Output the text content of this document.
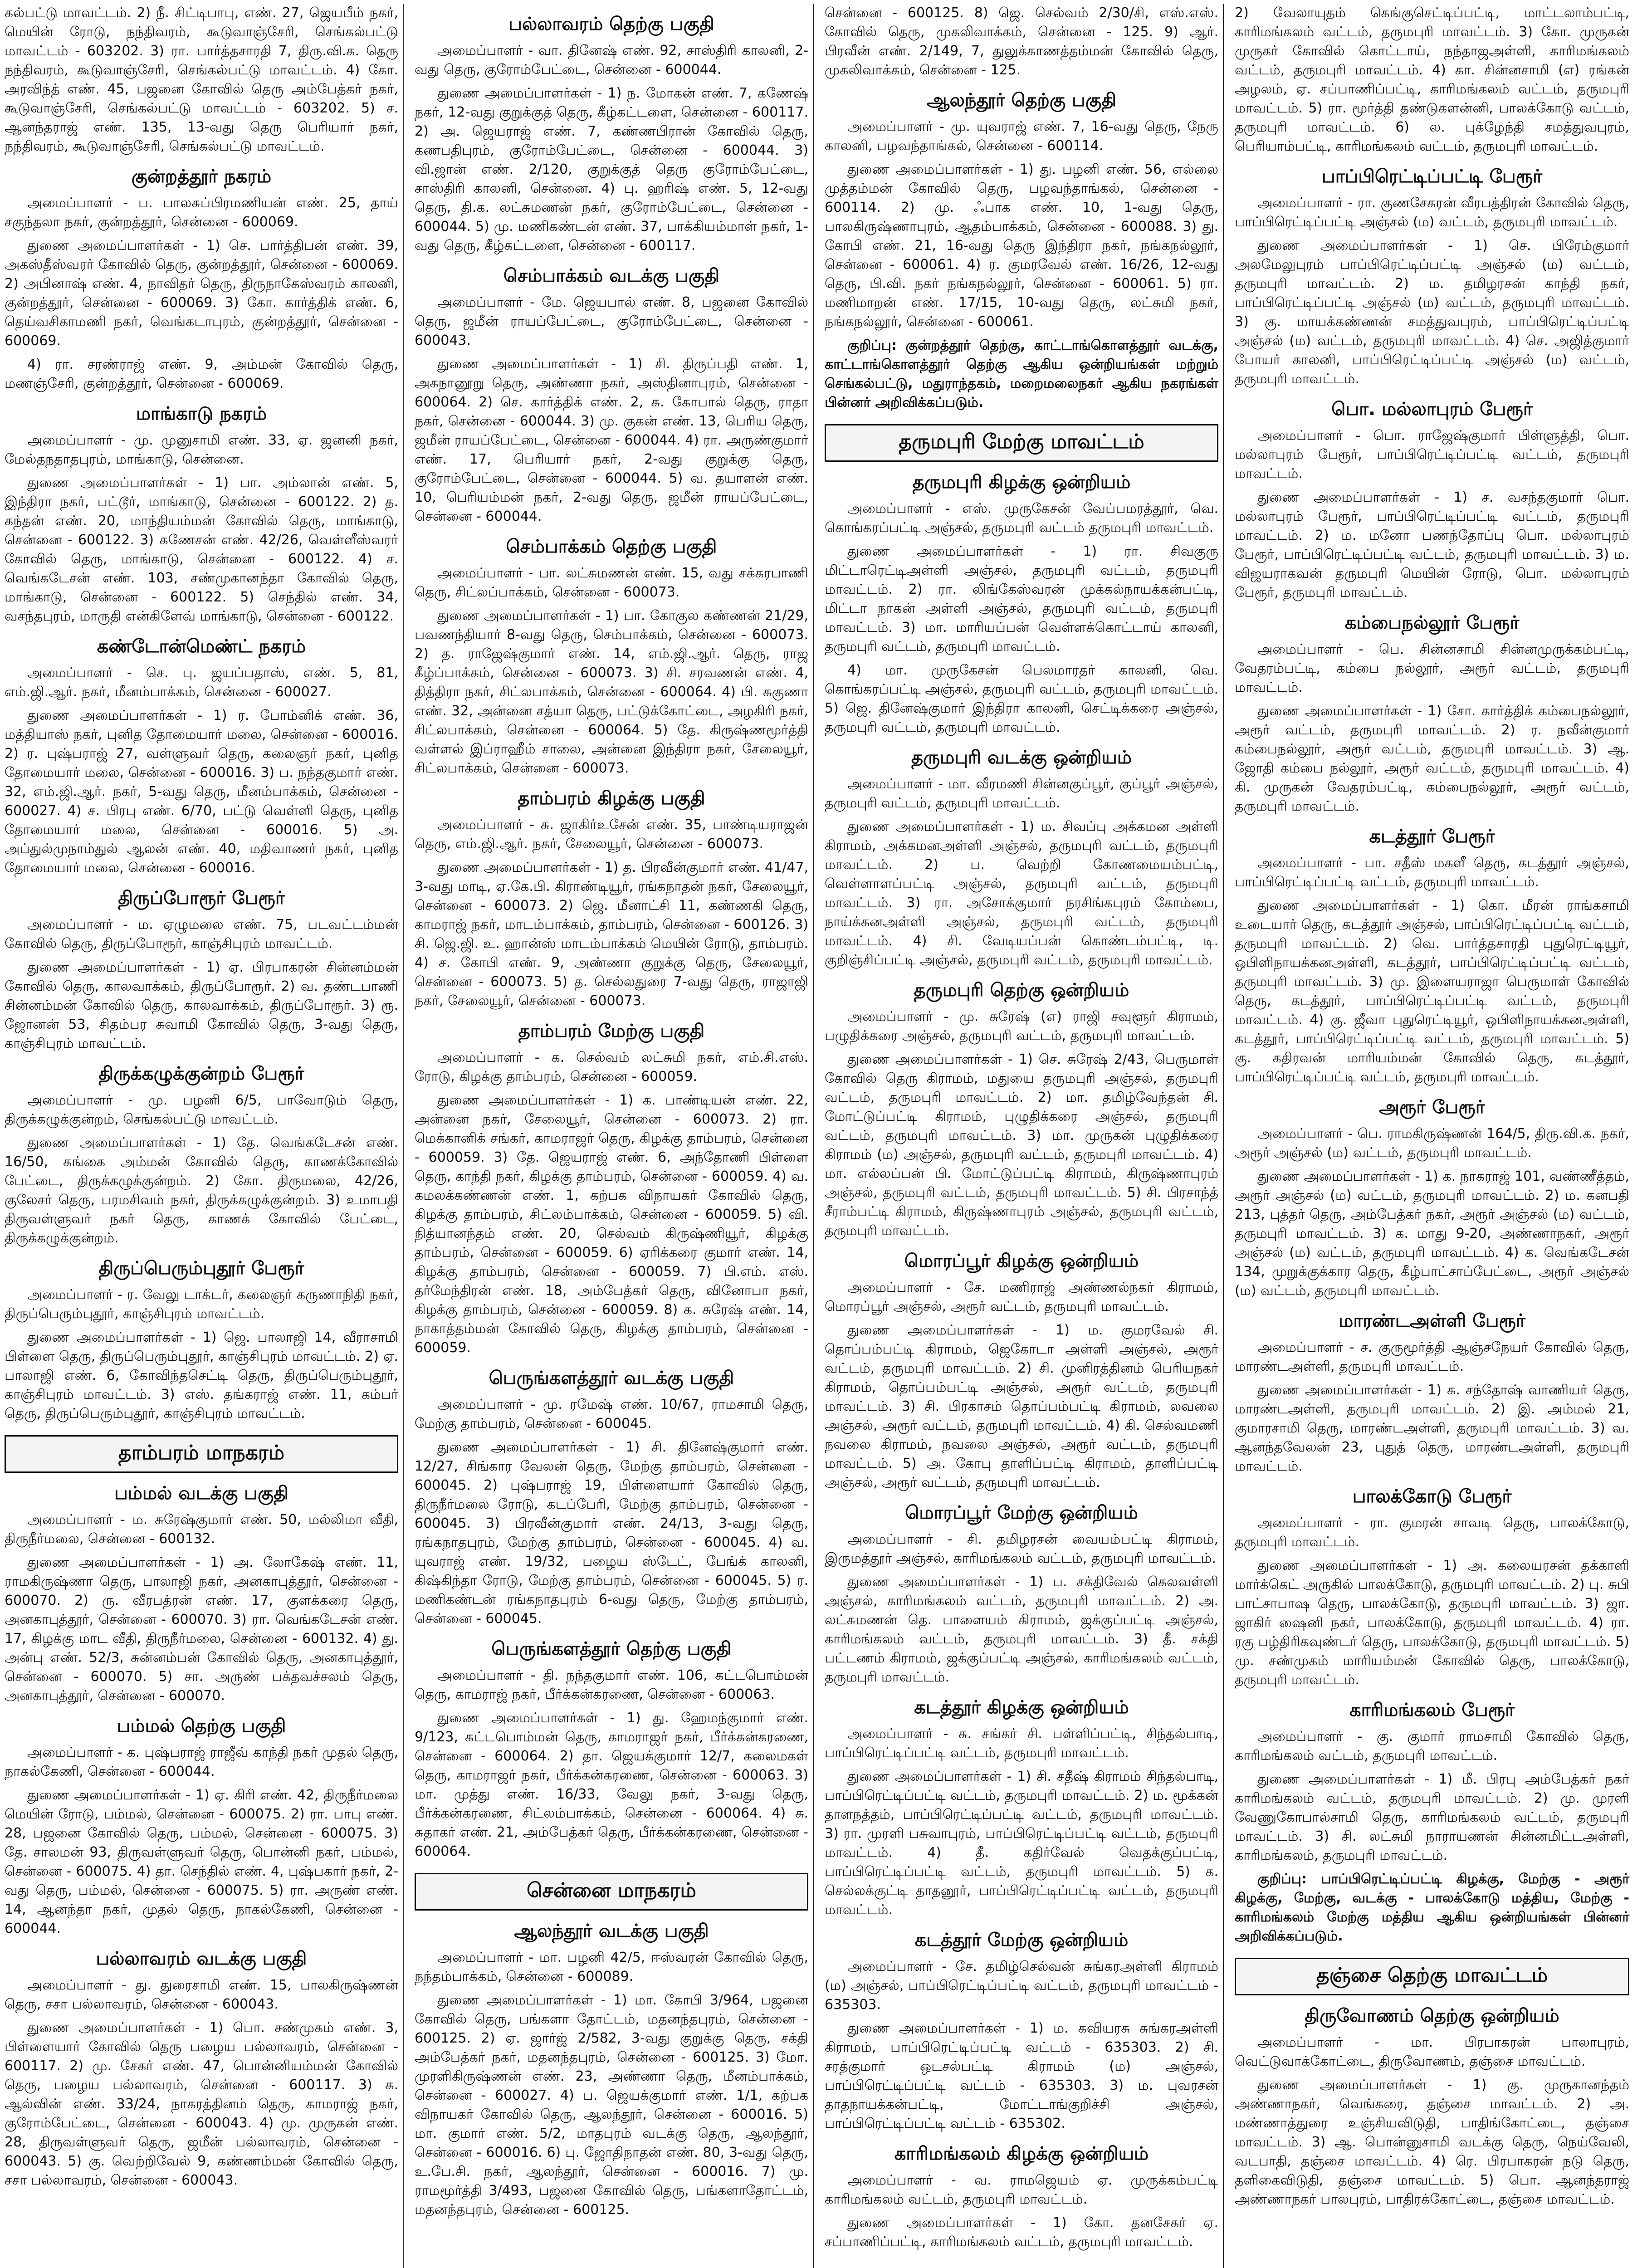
கல்பட்டு மாவட்டம். 2) நீ. சிட்டிபாபு, எண். 27, ஜெயபீம் நகர், மெயின் ரோடு, நந்திவரம், கூடுவாஞ்சேரி, செங்கல்பட்டு மாவட்டம் - 603202. 3) ரா. பார்த்தசாரதி 7, திரு.வி.க. தெரு நந்திவரம், கூடுவாஞ்சேரி, செங்கல்பட்டு மாவட்டம். 4) கோ. அரவிந்த் எண். 45, பஜனை கோவில் தெரு அம்பேத்கர் நகர், கூடுவாஞ்சேரி, செங்கல்பட்டு மாவட்டம் - 603202. 5) ச. ஆனந்தராஜ் எண். 135, 13-வது தெரு பெரியார் நகர், நந்திவரம், கூடுவாஞ்சேரி, செங்கல்பட்டு மாவட்டம்.

குன்றத்தூர் நகரம்

அமைப்பாளர் - ப. பாலசுப்பிரமணியன் எண். 25, தாய் சகுந்தலா நகர், குன்றத்தூர், சென்னை - 600069.

துணை அமைப்பாளர்கள் - 1) செ. பார்த்திபன் எண். 39, அகஸ்தீஸ்வரர் கோவில் தெரு, குன்றத்தூர், சென்னை - 600069. 2) அபினாஷ் எண். 4, நாவிதர் தெரு, திருநாகேஸ்வரம் காலனி, குன்றத்தூர், சென்னை - 600069. 3) கோ. கார்த்திக் எண். 6, தெய்வசிகாமணி நகர், வெங்கடாபுரம், குன்றத்தூர், சென்னை - 600069.

4) ரா. சரண்ராஜ் எண். 9, அம்மன் கோவில் தெரு, மணஞ்சேரி, குன்றத்தூர், சென்னை - 600069.

மாங்காடு நகரம்

அமைப்பாளர் - மு. முனுசாமி எண். 33, ஏ. ஜனனி நகர், மேல்தநதாதபுரம், மாங்காடு, சென்னை.

துணை அமைப்பாளர்கள் - 1) பா. அம்லான் எண். 5, இந்திரா நகர், பட்டூர், மாங்காடு, சென்னை - 600122. 2) த. கந்தன் எண். 20, மாந்தியம்மன் கோவில் தெரு, மாங்காடு, சென்னை - 600122. 3) கணேசன் எண். 42/26, வெள்ளீஸ்வரர் கோவில் தெரு, மாங்காடு, சென்னை - 600122. 4) ச. வெங்கடேசன் எண். 103, சண்முகானந்தா கோவில் தெரு, மாங்காடு, சென்னை - 600122. 5) செந்தில் எண். 34, வசந்தபுரம், மாருதி என்கிளேவ் மாங்காடு, சென்னை - 600122.

கண்டோன்மெண்ட் நகரம்

அமைப்பாளர் - செ. பு. ஜயப்பதாஸ், எண். 5, 81, எம்.ஜி.ஆர். நகர், மீனம்பாக்கம், சென்னை - 600027.

துணை அமைப்பாளர்கள் - 1) ர. போம்னிக் எண். 36, மத்தியாஸ் நகர், புனித தோமையார் மலை, சென்னை - 600016. 2) ர. புஷ்பராஜ் 27, வள்ளுவர் தெரு, கலைஞர் நகர், புனித தோமையார் மலை, சென்னை - 600016. 3) ப. நந்தகுமார் எண். 32, எம்.ஜி.ஆர். நகர், 5-வது தெரு, மீனம்பாக்கம், சென்னை - 600027. 4) ச. பிரபு எண். 6/70, பட்டு வெள்ளி தெரு, புனித தோமையார் மலை, சென்னை - 600016. 5) அ. அப்துல்முநாம்துல் ஆலன் எண். 40, மதிவாணர் நகர், புனித தோமையார் மலை, சென்னை - 600016.

திருப்போரூர் பேரூர்

அமைப்பாளர் - ம. ஏழுமலை எண். 75, படவட்டம்மன் கோவில் தெரு, திருப்போரூர், காஞ்சிபுரம் மாவட்டம்.

துணை அமைப்பாளர்கள் - 1) ஏ. பிரபாகரன் சின்னம்மன் கோவில் தெரு, காலவாக்கம், திருப்போரூர். 2) வ. தண்டபாணி சின்னம்மன் கோவில் தெரு, காலவாக்கம், திருப்போரூர். 3) ரூ. ஜோனன் 53, சிதம்பர சுவாமி கோவில் தெரு, 3-வது தெரு, காஞ்சிபுரம் மாவட்டம்.

திருக்கழுக்குன்றம் பேரூர்

அமைப்பாளர் - மு. பழனி 6/5, பாவோடும் தெரு, திருக்கழுக்குன்றம், செங்கல்பட்டு மாவட்டம்.

துணை அமைப்பாளர்கள் - 1) தே. வெங்கடேசன் எண். 16/50, கங்கை அம்மன் கோவில் தெரு, காணக்கோவில் பேட்டை, திருக்கழுக்குன்றம். 2) கோ. திருமலை, 42/26, குலேசர் தெரு, பரமசிவம் நகர், திருக்கழுக்குன்றம். 3) உமாபதி திருவள்ளுவர் நகர் தெரு, காணக் கோவில் பேட்டை, திருக்கழுக்குன்றம்.

திருப்பெரும்புதூர் பேரூர்

அமைப்பாளர் - ர. வேலு டாக்டர், கலைஞர் கருணாநிதி நகர், திருப்பெரும்புதூர், காஞ்சிபுரம் மாவட்டம்.

துணை அமைப்பாளர்கள் - 1) ஜெ. பாலாஜி 14, வீராசாமி பிள்ளை தெரு, திருப்பெரும்புதூர், காஞ்சிபுரம் மாவட்டம். 2) ஏ. பாலாஜி எண். 6, கோவிந்தசெட்டி தெரு, திருப்பெரும்புதூர், காஞ்சிபுரம் மாவட்டம். 3) எஸ். தங்கராஜ் எண். 11, கம்பர் தெரு, திருப்பெரும்புதூர், காஞ்சிபுரம் மாவட்டம்.

தாம்பரம் மாநகரம்
பம்மல் வடக்கு பகுதி

அமைப்பாளர் - ம. சுரேஷ்குமார் எண். 50, மல்லிமா வீதி, திருநீர்மலை, சென்னை - 600132.

துணை அமைப்பாளர்கள் - 1) அ. லோகேஷ் எண். 11, ராமகிருஷ்ணா தெரு, பாலாஜி நகர், அனகாபுத்தூர், சென்னை - 600070. 2) ரு. வீரபத்ரன் எண். 17, குளக்கரை தெரு, அனகாபுத்தூர், சென்னை - 600070. 3) ரா. வெங்கடேசன் எண். 17, கிழக்கு மாட வீதி, திருநீர்மலை, சென்னை - 600132. 4) து. அன்பு எண். 52/3, சுன்னம்பன் கோவில் தெரு, அனகாபுத்தூர், சென்னை - 600070. 5) சா. அருண் பக்தவச்சலம் தெரு, அனகாபுத்தூர், சென்னை - 600070.

பம்மல் தெற்கு பகுதி

அமைப்பாளர் - க. புஷ்பராஜ் ராஜீவ் காந்தி நகர் முதல் தெரு, நாகல்கேணி, சென்னை - 600044.

துணை அமைப்பாளர்கள் - 1) ஏ. கிரி எண். 42, திருநீர்மலை மெயின் ரோடு, பம்மல், சென்னை - 600075. 2) ரா. பாபு எண். 28, பஜனை கோவில் தெரு, பம்மல், சென்னை - 600075. 3) தே. சாலமன் 93, திருவள்ளுவர் தெரு, பொன்னி நகர், பம்மல், சென்னை - 600075. 4) தா. செந்தில் எண். 4, புஷ்பகார் நகர், 2-வது தெரு, பம்மல், சென்னை - 600075. 5) ரா. அருண் எண். 14, ஆனந்தா நகர், முதல் தெரு, நாகல்கேணி, சென்னை - 600044.

பல்லாவரம் வடக்கு பகுதி

அமைப்பாளர் - து. துரைசாமி எண். 15, பாலகிருஷ்ணன் தெரு, சசா பல்லாவரம், சென்னை - 600043.

துணை அமைப்பாளர்கள் - 1) பொ. சண்முகம் எண். 3, பிள்ளையார் கோவில் தெரு பழைய பல்லாவரம், சென்னை - 600117. 2) மு. சேகர் எண். 47, பொன்னியம்மன் கோவில் தெரு, பழைய பல்லாவரம், சென்னை - 600117. 3) க. ஆல்வின் எண். 33/24, நாகரத்தினம் தெரு, காமராஜ் நகர், குரோம்பேட்டை, சென்னை - 600043. 4) மு. முருகன் எண். 28, திருவள்ளுவர் தெரு, ஜமீன் பல்லாவரம், சென்னை - 600043. 5) கு. வெற்றிவேல் 9, கண்ணம்மன் கோவில் தெரு, சசா பல்லாவரம், சென்னை - 600043.

பல்லாவரம் தெற்கு பகுதி

அமைப்பாளர் - வா. தினேஷ் எண். 92, சாஸ்திரி காலனி, 2-வது தெரு, குரோம்பேட்டை, சென்னை - 600044.

துணை அமைப்பாளர்கள் - 1) ந. மோகன் எண். 7, கணேஷ் நகர், 12-வது குறுக்குத் தெரு, கீழ்கட்டளை, சென்னை - 600117. 2) அ. ஜெயராஜ் எண். 7, கண்ணபிரான் கோவில் தெரு, கணபதிபுரம், குரோம்பேட்டை, சென்னை - 600044. 3) வி.ஜான் எண். 2/120, குறுக்குத் தெரு குரோம்பேட்டை, சாஸ்திரி காலனி, சென்னை. 4) பு. ஹரிஷ் எண். 5, 12-வது தெரு, தி.க. லட்சுமணன் நகர், குரோம்பேட்டை, சென்னை - 600044. 5) மு. மணிகண்டன் எண். 37, பாக்கியம்மாள் நகர், 1-வது தெரு, கீழ்கட்டளை, சென்னை - 600117.

செம்பாக்கம் வடக்கு பகுதி

அமைப்பாளர் - மே. ஜெயபால் எண். 8, பஜனை கோவில் தெரு, ஜமீன் ராயப்பேட்டை, குரோம்பேட்டை, சென்னை - 600043.

துணை அமைப்பாளர்கள் - 1) சி. திருப்பதி எண். 1, அகநானூறு தெரு, அண்ணா நகர், அஸ்தினாபுரம், சென்னை - 600064. 2) செ. கார்த்திக் எண். 2, சு. கோபால் தெரு, ராதா நகர், சென்னை - 600044. 3) மு. குகன் எண். 13, பெரிய தெரு, ஜமீன் ராயப்பேட்டை, சென்னை - 600044. 4) ரா. அருண்குமார் எண். 17, பெரியார் நகர், 2-வது குறுக்கு தெரு, குரோம்பேட்டை, சென்னை - 600044. 5) வ. தயாளன் எண். 10, பெரியம்மன் நகர், 2-வது தெரு, ஜமீன் ராயப்பேட்டை, சென்னை - 600044.

செம்பாக்கம் தெற்கு பகுதி

அமைப்பாளர் - பா. லட்சுமணன் எண். 15, வது சக்கரபாணி தெரு, சிட்லப்பாக்கம், சென்னை - 600073.

துணை அமைப்பாளர்கள் - 1) பா. கோகுல கண்ணன் 21/29, பவணந்தியார் 8-வது தெரு, செம்பாக்கம், சென்னை - 600073. 2) த. ராஜேஷ்குமார் எண். 14, எம்.ஜி.ஆர். தெரு, ராஜ கீழ்ப்பாக்கம், சென்னை - 600073. 3) சி. சரவணன் எண். 4, தித்திரா நகர், சிட்லபாக்கம், சென்னை - 600064. 4) பி. சுகுணா எண். 32, அன்னை சத்யா தெரு, பட்டுக்கோட்டை, அழகிரி நகர், சிட்லபாக்கம், சென்னை - 600064. 5) தே. கிருஷ்ணமூர்த்தி வள்ளல் இப்ராஹீம் சாலை, அன்னை இந்திரா நகர், சேலையூர், சிட்லபாக்கம், சென்னை - 600073.

தாம்பரம் கிழக்கு பகுதி

அமைப்பாளர் - சு. ஜாகிர்உசேன் எண். 35, பாண்டியராஜன் தெரு, எம்.ஜி.ஆர். நகர், சேலையூர், சென்னை - 600073.

துணை அமைப்பாளர்கள் - 1) த. பிரவீன்குமார் எண். 41/47, 3-வது மாடி, ஏ.கே.பி. கிராண்டியூர், ரங்கநாதன் நகர், சேலையூர், சென்னை - 600073. 2) ஜெ. மீனாட்சி 11, கண்ணகி தெரு, காமராஜ் நகர், மாடம்பாக்கம், தாம்பரம், சென்னை - 600126. 3) சி. ஜெ.ஜி. உ. ஹான்ஸ் மாடம்பாக்கம் மெயின் ரோடு, தாம்பரம். 4) ச. கோபி எண். 9, அண்ணா குறுக்கு தெரு, சேலையூர், சென்னை - 600073. 5) த. செல்லதுரை 7-வது தெரு, ராஜாஜி நகர், சேலையூர், சென்னை - 600073.

தாம்பரம் மேற்கு பகுதி

அமைப்பாளர் - க. செல்வம் லட்சுமி நகர், எம்.சி.எஸ். ரோடு, கிழக்கு தாம்பரம், சென்னை - 600059.

துணை அமைப்பாளர்கள் - 1) க. பாண்டியன் எண். 22, அன்னை நகர், சேலையூர், சென்னை - 600073. 2) ரா. மெக்கானிக் சங்கர், காமராஜர் தெரு, கிழக்கு தாம்பரம், சென்னை - 600059. 3) தே. ஜெயராஜ் எண். 6, அந்தோணி பிள்ளை தெரு, காந்தி நகர், கிழக்கு தாம்பரம், சென்னை - 600059. 4) வ. கமலக்கண்ணன் எண். 1, கற்பக விநாயகர் கோவில் தெரு, கிழக்கு தாம்பரம், சிட்லம்பாக்கம், சென்னை - 600059. 5) வி. நித்யானந்தம் எண். 20, செல்வம் கிருஷ்ணியூர், கிழக்கு தாம்பரம், சென்னை - 600059. 6) ஏரிக்கரை குமார் எண். 14, கிழக்கு தாம்பரம், சென்னை - 600059. 7) பி.எம். எஸ். தர்மேந்திரன் எண். 18, அம்பேத்கர் தெரு, வினோபா நகர், கிழக்கு தாம்பரம், சென்னை - 600059. 8) க. சுரேஷ் எண். 14, நாகாத்தம்மன் கோவில் தெரு, கிழக்கு தாம்பரம், சென்னை - 600059.

பெருங்களத்தூர் வடக்கு பகுதி

அமைப்பாளர் - மு. ரமேஷ் எண். 10/67, ராமசாமி தெரு, மேற்கு தாம்பரம், சென்னை - 600045.

துணை அமைப்பாளர்கள் - 1) சி. தினேஷ்குமார் எண். 12/27, சிங்கார வேலன் தெரு, மேற்கு தாம்பரம், சென்னை - 600045. 2) புஷ்பராஜ் 19, பிள்ளையார் கோவில் தெரு, திருநீர்மலை ரோடு, கடப்பேரி, மேற்கு தாம்பரம், சென்னை - 600045. 3) பிரவீன்குமார் எண். 24/13, 3-வது தெரு, ரங்கநாதபுரம், மேற்கு தாம்பரம், சென்னை - 600045. 4) வ. யுவராஜ் எண். 19/32, பழைய ஸ்டேட், பேங்க் காலனி, கிஷ்கிந்தா ரோடு, மேற்கு தாம்பரம், சென்னை - 600045. 5) ர. மணிகண்டன் ரங்கநாதபுரம் 6-வது தெரு, மேற்கு தாம்பரம், சென்னை - 600045.

பெருங்களத்தூர் தெற்கு பகுதி

அமைப்பாளர் - தி. நந்தகுமார் எண். 106, கட்டபொம்மன் தெரு, காமராஜ் நகர், பீர்க்கன்கரணை, சென்னை - 600063.

துணை அமைப்பாளர்கள் - 1) து. ஹேமந்குமார் எண். 9/123, கட்டபொம்மன் தெரு, காமராஜர் நகர், பீர்க்கன்கரணை, சென்னை - 600064. 2) தா. ஜெயக்குமார் 12/7, கலைமகள் தெரு, காமராஜர் நகர், பீர்க்கன்கரணை, சென்னை - 600063. 3) மா. முத்து எண். 16/33, வேலு நகர், 3-வது தெரு, பீர்க்கன்கரணை, சிட்லம்பாக்கம், சென்னை - 600064. 4) சு. சுதாகர் எண். 21, அம்பேத்கர் தெரு, பீர்க்கன்கரணை, சென்னை - 600064.

சென்னை மாநகரம்
ஆலந்தூர் வடக்கு பகுதி

அமைப்பாளர் - மா. பழனி 42/5, ஈஸ்வரன் கோவில் தெரு, நந்தம்பாக்கம், சென்னை - 600089.

துணை அமைப்பாளர்கள் - 1) மா. கோபி 3/964, பஜனை கோவில் தெரு, பங்களா தோட்டம், மதனந்தபுரம், சென்னை - 600125. 2) ஏ. ஜார்ஜ் 2/582, 3-வது குறுக்கு தெரு, சக்தி அம்பேத்கர் நகர், மதனந்தபுரம், சென்னை - 600125. 3) மோ. முரளிகிருஷ்ணன் எண். 23, அண்ணா தெரு, மீனம்பாக்கம், சென்னை - 600027. 4) ப. ஜெயக்குமார் எண். 1/1, கற்பக விநாயகர் கோவில் தெரு, ஆலந்தூர், சென்னை - 600016. 5) மா. குமார் எண். 5/2, மாதபுரம் வடக்கு தெரு, ஆலந்தூர், சென்னை - 600016. 6) பு. ஜோதிநாதன் எண். 80, 3-வது தெரு, உ.பே.சி. நகர், ஆலந்தூர், சென்னை - 600016. 7) மு. ராமமூர்த்தி 3/493, பஜனை கோவில் தெரு, பங்களாதோட்டம், மதனந்தபுரம், சென்னை - 600125.

சென்னை - 600125. 8) ஜெ. செல்வம் 2/30/சி, எஸ்.எஸ். கோவில் தெரு, முகலிவாக்கம், சென்னை - 125. 9) ஆர். பிரவீன் எண். 2/149, 7, துலுக்காணத்தம்மன் கோவில் தெரு, முகலிவாக்கம், சென்னை - 125.

ஆலந்தூர் தெற்கு பகுதி

அமைப்பாளர் - மு. யுவராஜ் எண். 7, 16-வது தெரு, நேரு காலனி, பழவந்தாங்கல், சென்னை - 600114.

துணை அமைப்பாளர்கள் - 1) து. பழனி எண். 56, எல்லை முத்தம்மன் கோவில் தெரு, பழவந்தாங்கல், சென்னை - 600114. 2) மு. ஃபாக எண். 10, 1-வது தெரு, பாலகிருஷ்ணாபுரம், ஆதம்பாக்கம், சென்னை - 600088. 3) து. கோபி எண். 21, 16-வது தெரு இந்திரா நகர், நங்கநல்லூர், சென்னை - 600061. 4) ர. குமரவேல் எண். 16/26, 12-வது தெரு, பி.வி. நகர் நங்கநல்லூர், சென்னை - 600061. 5) ரா. மணிமாறன் எண். 17/15, 10-வது தெரு, லட்சுமி நகர், நங்கநல்லூர், சென்னை - 600061.

குறிப்பு: குன்றத்தூர் தெற்கு, காட்டாங்கொளத்தூர் வடக்கு, காட்டாங்கொளத்தூர் தெற்கு ஆகிய ஒன்றியங்கள் மற்றும் செங்கல்பட்டு, மதுராந்தகம், மறைமலைநகர் ஆகிய நகரங்கள் பின்னர் அறிவிக்கப்படும்.

தருமபுரி மேற்கு மாவட்டம்
தருமபுரி கிழக்கு ஒன்றியம்

அமைப்பாளர் - எஸ். முருகேசன் வேப்பமரத்தூர், வெ. கொங்கரப்பட்டி அஞ்சல், தருமபுரி வட்டம் தருமபுரி மாவட்டம்.

துணை அமைப்பாளர்கள் - 1) ரா. சிவகுரு மிட்டாரெட்டிஅள்ளி அஞ்சல், தருமபுரி வட்டம், தருமபுரி மாவட்டம். 2) ரா. லிங்கேஸ்வரன் முக்கல்நாயக்கன்பட்டி, மிட்டா நாகன் அள்ளி அஞ்சல், தருமபுரி வட்டம், தருமபுரி மாவட்டம். 3) மா. மாரியப்பன் வெள்ளக்கொட்டாய் காலனி, தருமபுரி வட்டம், தருமபுரி மாவட்டம்.

4) மா. முருகேசன் பெலமாரதர் காலனி, வெ. கொங்கரப்பட்டி அஞ்சல், தருமபுரி வட்டம், தருமபுரி மாவட்டம். 5) ஜெ. தினேஷ்குமார் இந்திரா காலனி, செட்டிக்கரை அஞ்சல், தருமபுரி வட்டம், தருமபுரி மாவட்டம்.

தருமபுரி வடக்கு ஒன்றியம்

அமைப்பாளர் - மா. வீரமணி சின்னகுப்பூர், குப்பூர் அஞ்சல், தருமபுரி வட்டம், தருமபுரி மாவட்டம்.

துணை அமைப்பாளர்கள் - 1) ம. சிவப்பு அக்கமன அள்ளி கிராமம், அக்கமனஅள்ளி அஞ்சல், தருமபுரி வட்டம், தருமபுரி மாவட்டம். 2) ப. வெற்றி கோணமையம்பட்டி, வெள்ளாளப்பட்டி அஞ்சல், தருமபுரி வட்டம், தருமபுரி மாவட்டம். 3) ரா. அசோக்குமார் நரசிங்கபுரம் கோம்பை, நாய்க்கனஅள்ளி அஞ்சல், தருமபுரி வட்டம், தருமபுரி மாவட்டம். 4) சி. வேடியப்பன் கொண்டம்பட்டி, டி. குறிஞ்சிப்பட்டி அஞ்சல், தருமபுரி வட்டம், தருமபுரி மாவட்டம்.

தருமபுரி தெற்கு ஒன்றியம்

அமைப்பாளர் - மு. சுரேஷ் (எ) ராஜி சவுளூர் கிராமம், பழுதிக்கரை அஞ்சல், தருமபுரி வட்டம், தருமபுரி மாவட்டம்.

துணை அமைப்பாளர்கள் - 1) செ. சுரேஷ் 2/43, பெருமாள் கோவில் தெரு கிராமம், மதுயை தருமபுரி அஞ்சல், தருமபுரி வட்டம், தருமபுரி மாவட்டம். 2) மா. தமிழ்வேந்தன் சி. மோட்டுப்பட்டி கிராமம், புழுதிக்கரை அஞ்சல், தருமபுரி வட்டம், தருமபுரி மாவட்டம். 3) மா. முருகன் புழுதிக்கரை கிராமம் (ம) அஞ்சல், தருமபுரி வட்டம், தருமபுரி மாவட்டம். 4) மா. எல்லப்பன் பி. மோட்டுப்பட்டி கிராமம், கிருஷ்ணாபுரம் அஞ்சல், தருமபுரி வட்டம், தருமபுரி மாவட்டம். 5) சி. பிரசாந்த் சீராம்பட்டி கிராமம், கிருஷ்ணாபுரம் அஞ்சல், தருமபுரி வட்டம், தருமபுரி மாவட்டம்.

மொரப்பூர் கிழக்கு ஒன்றியம்

அமைப்பாளர் - சே. மணிராஜ் அண்ணல்நகர் கிராமம், மொரப்பூர் அஞ்சல், அரூர் வட்டம், தருமபுரி மாவட்டம்.

துணை அமைப்பாளர்கள் - 1) ம. குமரவேல் சி. தொப்பம்பட்டி கிராமம், ஜெகோடா அள்ளி அஞ்சல், அரூர் வட்டம், தருமபுரி மாவட்டம். 2) சி. முனிரத்தினம் பெரியநகர் கிராமம், தொப்பம்பட்டி அஞ்சல், அரூர் வட்டம், தருமபுரி மாவட்டம். 3) சி. பிரகாசம் தொப்பம்பட்டி கிராமம், லவலை அஞ்சல், அரூர் வட்டம், தருமபுரி மாவட்டம். 4) கி. செல்வமணி நவலை கிராமம், நவலை அஞ்சல், அரூர் வட்டம், தருமபுரி மாவட்டம். 5) அ. கோபு தாளிப்பட்டி கிராமம், தாளிப்பட்டி அஞ்சல், அரூர் வட்டம், தருமபுரி மாவட்டம்.

மொரப்பூர் மேற்கு ஒன்றியம்

அமைப்பாளர் - சி. தமிழரசன் வையம்பட்டி கிராமம், இருமத்தூர் அஞ்சல், காரிமங்கலம் வட்டம், தருமபுரி மாவட்டம்.

துணை அமைப்பாளர்கள் - 1) ப. சக்திவேல் கெலவள்ளி அஞ்சல், காரிமங்கலம் வட்டம், தருமபுரி மாவட்டம். 2) அ. லட்சுமணன் தெ. பாளையம் கிராமம், ஜக்குப்பட்டி அஞ்சல், காரிமங்கலம் வட்டம், தருமபுரி மாவட்டம். 3) தீ. சக்தி பட்டணம் கிராமம், ஜக்குப்பட்டி அஞ்சல், காரிமங்கலம் வட்டம், தருமபுரி மாவட்டம்.

கடத்தூர் கிழக்கு ஒன்றியம்

அமைப்பாளர் - சு. சங்கர் சி. பள்ளிப்பட்டி, சிந்தல்பாடி, பாப்பிரெட்டிப்பட்டி வட்டம், தருமபுரி மாவட்டம்.

துணை அமைப்பாளர்கள் - 1) சி. சதீஷ் கிராமம் சிந்தல்பாடி, பாப்பிரெட்டிப்பட்டி வட்டம், தருமபுரி மாவட்டம். 2) ம. மூக்கன் தாளநத்தம், பாப்பிரெட்டிப்பட்டி வட்டம், தருமபுரி மாவட்டம். 3) ரா. முரளி பசுவாபுரம், பாப்பிரெட்டிப்பட்டி வட்டம், தருமபுரி மாவட்டம். 4) தீ. கதிர்வேல் வெதக்குப்பட்டி, பாப்பிரெட்டிப்பட்டி வட்டம், தருமபுரி மாவட்டம். 5) க. செல்லக்குட்டி தாதனூர், பாப்பிரெட்டிப்பட்டி வட்டம், தருமபுரி மாவட்டம்.

கடத்தூர் மேற்கு ஒன்றியம்

அமைப்பாளர் - சே. தமிழ்செல்வன் சுங்கரஅள்ளி கிராமம் (ம) அஞ்சல், பாப்பிரெட்டிப்பட்டி வட்டம், தருமபுரி மாவட்டம் - 635303.

துணை அமைப்பாளர்கள் - 1) ம. கவியரசு சுங்கரஅள்ளி கிராமம், பாப்பிரெட்டிப்பட்டி வட்டம் - 635303. 2) சி. சரத்குமார் ஒடசல்பட்டி கிராமம் (ம) அஞ்சல், பாப்பிரெட்டிப்பட்டி வட்டம் - 635303. 3) ம. புவரசன் தாதநாயக்கன்பட்டி, மோட்டாங்குறிச்சி அஞ்சல், பாப்பிரெட்டிப்பட்டி வட்டம் - 635302.

காரிமங்கலம் கிழக்கு ஒன்றியம்

அமைப்பாளர் - வ. ராமஜெயம் ஏ. முருக்கம்பட்டி காரிமங்கலம் வட்டம், தருமபுரி மாவட்டம்.

துணை அமைப்பாளர்கள் - 1) கோ. தனசேகர் ஏ. சப்பாணிப்பட்டி, காரிமங்கலம் வட்டம், தருமபுரி மாவட்டம்.

2) வேலாயுதம் கெங்குசெட்டிப்பட்டி, மாட்டலாம்பட்டி, காரிமங்கலம் வட்டம், தருமபுரி மாவட்டம். 3) கோ. முருகன் முருகர் கோவில் கொட்டாய், நந்தாஜஅள்ளி, காரிமங்கலம் வட்டம், தருமபுரி மாவட்டம். 4) கா. சின்னசாமி (எ) ரங்கன் அழலம், ஏ. சப்பாணிப்பட்டி, காரிமங்கலம் வட்டம், தருமபுரி மாவட்டம். 5) ரா. மூர்த்தி தண்டுகளன்னி, பாலக்கோடு வட்டம், தருமபுரி மாவட்டம். 6) ல. புக்ழேந்தி சமத்துவபுரம், பெரியாம்பட்டி, காரிமங்கலம் வட்டம், தருமபுரி மாவட்டம்.

பாப்பிரெட்டிப்பட்டி பேரூர்

அமைப்பாளர் - ரா. குணசேகரன் வீரபத்திரன் கோவில் தெரு, பாப்பிரெட்டிப்பட்டி அஞ்சல் (ம) வட்டம், தருமபுரி மாவட்டம்.

துணை அமைப்பாளர்கள் - 1) செ. பிரேம்குமார் அலமேலுபுரம் பாப்பிரெட்டிப்பட்டி அஞ்சல் (ம) வட்டம், தருமபுரி மாவட்டம். 2) ம. தமிழரசன் காந்தி நகர், பாப்பிரெட்டிப்பட்டி அஞ்சல் (ம) வட்டம், தருமபுரி மாவட்டம். 3) கு. மாயக்கண்ணன் சமத்துவபுரம், பாப்பிரெட்டிப்பட்டி அஞ்சல் (ம) வட்டம், தருமபுரி மாவட்டம். 4) செ. அஜித்குமார் போயர் காலனி, பாப்பிரெட்டிப்பட்டி அஞ்சல் (ம) வட்டம், தருமபுரி மாவட்டம்.

பொ. மல்லாபுரம் பேரூர்

அமைப்பாளர் - பொ. ராஜேஷ்குமார் பிள்ளுத்தி, பொ. மல்லாபுரம் பேரூர், பாப்பிரெட்டிப்பட்டி வட்டம், தருமபுரி மாவட்டம்.

துணை அமைப்பாளர்கள் - 1) ச. வசந்தகுமார் பொ. மல்லாபுரம் பேரூர், பாப்பிரெட்டிப்பட்டி வட்டம், தருமபுரி மாவட்டம். 2) ம. மனோ பணந்தோப்பு பொ. மல்லாபுரம் பேரூர், பாப்பிரெட்டிப்பட்டி வட்டம், தருமபுரி மாவட்டம். 3) ம. விஜயராகவன் தருமபுரி மெயின் ரோடு, பொ. மல்லாபுரம் பேரூர், தருமபுரி மாவட்டம்.

கம்பைநல்லூர் பேரூர்

அமைப்பாளர் - பெ. சின்னசாமி சின்னமுருக்கம்பட்டி, வேதரம்பட்டி, கம்பை நல்லூர், அரூர் வட்டம், தருமபுரி மாவட்டம்.

துணை அமைப்பாளர்கள் - 1) சோ. கார்த்திக் கம்பைநல்லூர், அரூர் வட்டம், தருமபுரி மாவட்டம். 2) ர. நவீன்குமார் கம்பைநல்லூர், அரூர் வட்டம், தருமபுரி மாவட்டம். 3) ஆ. ஜோதி கம்பை நல்லூர், அரூர் வட்டம், தருமபுரி மாவட்டம். 4) கி. முருகன் வேதரம்பட்டி, கம்பைநல்லூர், அரூர் வட்டம், தருமபுரி மாவட்டம்.

கடத்தூர் பேரூர்

அமைப்பாளர் - பா. சதீஸ் மகளீ தெரு, கடத்தூர் அஞ்சல், பாப்பிரெட்டிப்பட்டி வட்டம், தருமபுரி மாவட்டம்.

துணை அமைப்பாளர்கள் - 1) கொ. மீரன் ராங்கசாமி உடையார் தெரு, கடத்தூர் அஞ்சல், பாப்பிரெட்டிப்பட்டி வட்டம், தருமபுரி மாவட்டம். 2) வெ. பார்த்தசாரதி புதுரெட்டியூர், ஒபிளிநாயக்கனஅள்ளி, கடத்தூர், பாப்பிரெட்டிப்பட்டி வட்டம், தருமபுரி மாவட்டம். 3) மு. இளையராஜா பெருமாள் கோவில் தெரு, கடத்தூர், பாப்பிரெட்டிப்பட்டி வட்டம், தருமபுரி மாவட்டம். 4) கு. ஜீவா புதுரெட்டியூர், ஒபிளிநாயக்கனஅள்ளி, கடத்தூர், பாப்பிரெட்டிப்பட்டி வட்டம், தருமபுரி மாவட்டம். 5) கு. கதிரவன் மாரியம்மன் கோவில் தெரு, கடத்தூர், பாப்பிரெட்டிப்பட்டி வட்டம், தருமபுரி மாவட்டம்.

அரூர் பேரூர்

அமைப்பாளர் - பெ. ராமகிருஷ்ணன் 164/5, திரு.வி.க. நகர், அரூர் அஞ்சல் (ம) வட்டம், தருமபுரி மாவட்டம்.

துணை அமைப்பாளர்கள் - 1) க. நாகராஜ் 101, வண்ணீத்தம், அரூர் அஞ்சல் (ம) வட்டம், தருமபுரி மாவட்டம். 2) ம. கனபதி 213, புத்தர் தெரு, அம்பேத்கர் நகர், அரூர் அஞ்சல் (ம) வட்டம், தருமபுரி மாவட்டம். 3) க. மாது 9-20, அண்ணாநகர், அரூர் அஞ்சல் (ம) வட்டம், தருமபுரி மாவட்டம். 4) க. வெங்கடேசன் 134, முறுக்குக்கார தெரு, கீழ்பாட்சாப்பேட்டை, அரூர் அஞ்சல் (ம) வட்டம், தருமபுரி மாவட்டம்.

மாரண்டஅள்ளி பேரூர்

அமைப்பாளர் - ச. குருமூர்த்தி ஆஞ்சநேயர் கோவில் தெரு, மாரண்டஅள்ளி, தருமபுரி மாவட்டம்.

துணை அமைப்பாளர்கள் - 1) க. சந்தோஷ் வாணியர் தெரு, மாரண்டஅள்ளி, தருமபுரி மாவட்டம். 2) இ. அம்மல் 21, குமாரசாமி தெரு, மாரண்டஅள்ளி, தருமபுரி மாவட்டம். 3) வ. ஆனந்தவேலன் 23, புதுத் தெரு, மாரண்டஅள்ளி, தருமபுரி மாவட்டம்.

பாலக்கோடு பேரூர்

அமைப்பாளர் - ரா. குமரன் சாவடி தெரு, பாலக்கோடு, தருமபுரி மாவட்டம்.

துணை அமைப்பாளர்கள் - 1) அ. கலையரசன் தக்காளி மார்க்கெட் அருகில் பாலக்கோடு, தருமபுரி மாவட்டம். 2) பு. சுபி பாட்சாபாஷ தெரு, பாலக்கோடு, தருமபுரி மாவட்டம். 3) ஜா. ஜாகிர் ஷைனி நகர், பாலக்கோடு, தருமபுரி மாவட்டம். 4) ரா. ரகு பழ்திரிகவுண்டர் தெரு, பாலக்கோடு, தருமபுரி மாவட்டம். 5) மு. சண்முகம் மாரியம்மன் கோவில் தெரு, பாலக்கோடு, தருமபுரி மாவட்டம்.

காரிமங்கலம் பேரூர்

அமைப்பாளர் - கு. குமார் ராமசாமி கோவில் தெரு, காரிமங்கலம் வட்டம், தருமபுரி மாவட்டம்.

துணை அமைப்பாளர்கள் - 1) மீ. பிரபு அம்பேத்கர் நகர் காரிமங்கலம் வட்டம், தருமபுரி மாவட்டம். 2) மு. முரளி வேணுகோபால்சாமி தெரு, காரிமங்கலம் வட்டம், தருமபுரி மாவட்டம். 3) சி. லட்சுமி நாராயணன் சின்னமிட்டஅள்ளி, காரிமங்கலம், தருமபுரி மாவட்டம்.

குறிப்பு: பாப்பிரெட்டிப்பட்டி கிழக்கு, மேற்கு - அரூர் கிழக்கு, மேற்கு, வடக்கு - பாலக்கோடு மத்திய, மேற்கு - காரிமங்கலம் மேற்கு மத்திய ஆகிய ஒன்றியங்கள் பின்னர் அறிவிக்கப்படும்.

தஞ்சை தெற்கு மாவட்டம்
திருவோணம் தெற்கு ஒன்றியம்

அமைப்பாளர் - மா. பிரபாகரன் பாலாபுரம், வெட்டுவாக்கோட்டை, திருவோணம், தஞ்சை மாவட்டம்.

துணை அமைப்பாளர்கள் - 1) கு. முருகானந்தம் அண்ணாநகர், வெங்கரை, தஞ்சை மாவட்டம். 2) அ. மண்ணாத்துரை உஞ்சியவிடுதி, பாதிங்கோட்டை, தஞ்சை மாவட்டம். 3) ஆ. பொன்னுசாமி வடக்கு தெரு, நெய்வேலி, வடபாதி, தஞ்சை மாவட்டம். 4) ரெ. பிரபாகரன் நடு தெரு, தளிகைவிடுதி, தஞ்சை மாவட்டம். 5) பொ. ஆனந்தராஜ் அண்ணாநகர் பாலபுரம், பாதிரக்கோட்டை, தஞ்சை மாவட்டம்.
